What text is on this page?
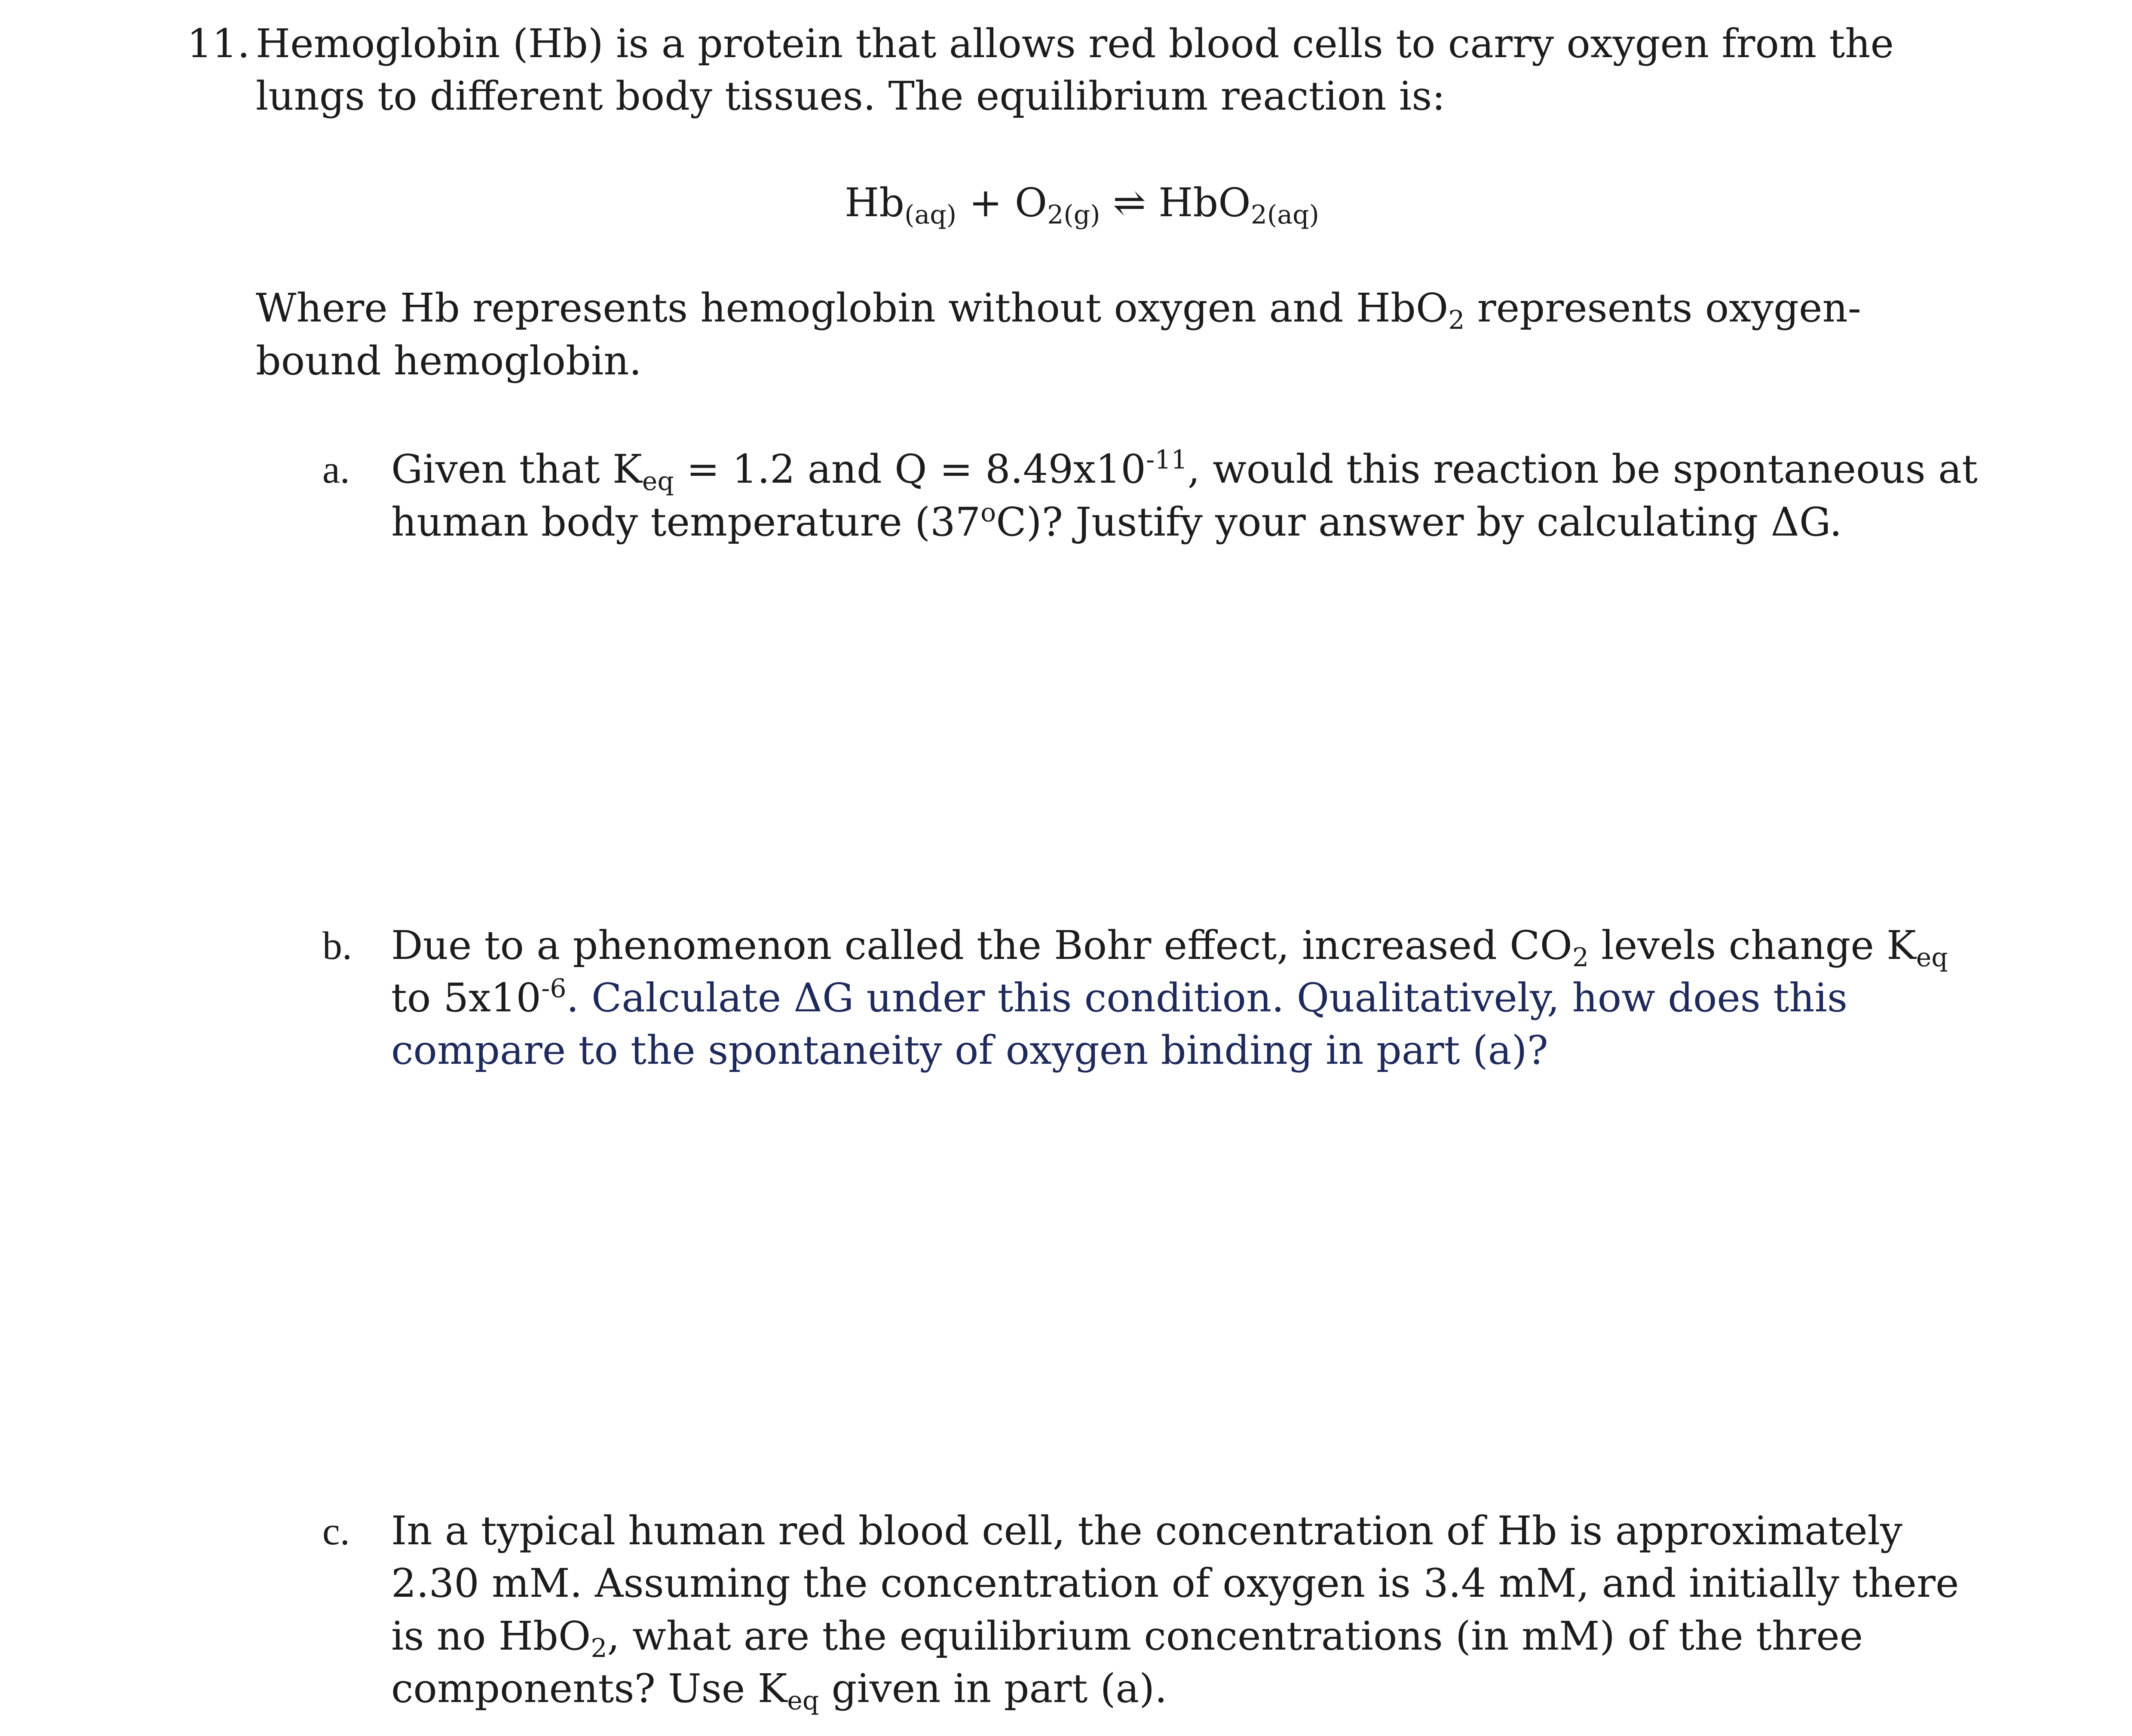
11. Hemoglobin (Hb) is a protein that allows red blood cells to carry oxygen from the
lungs to different body tissues. The equilibrium reaction is:
$Hb_{(aq)} + O_{2(g)}$ ⇌ HbO$_{2(aq)}$
Where Hb represents hemoglobin without oxygen and HbO$_2$ represents oxygen-
bound hemoglobin.
a. Given that $K_{eq} = 1.2$ and $Q = 8.49x10^{-11}$, would this reaction be spontaneous at
human body temperature (37$^o$C)? Justify your answer by calculating ΔG.
b. Due to a phenomenon called the Bohr effect, increased $CO_2$ levels change $K_{eq}$
to $5x10^{-6}$. Calculate ΔG under this condition. Qualitatively, how does this
compare to the spontaneity of oxygen binding in part (a)?
c. In a typical human red blood cell, the concentration of Hb is approximately
2.30 mM. Assuming the concentration of oxygen is 3.4 mM, and initially there
is no HbO$_2$, what are the equilibrium concentrations (in mM) of the three
components? Use $K_{eq}$ given in part (a).
